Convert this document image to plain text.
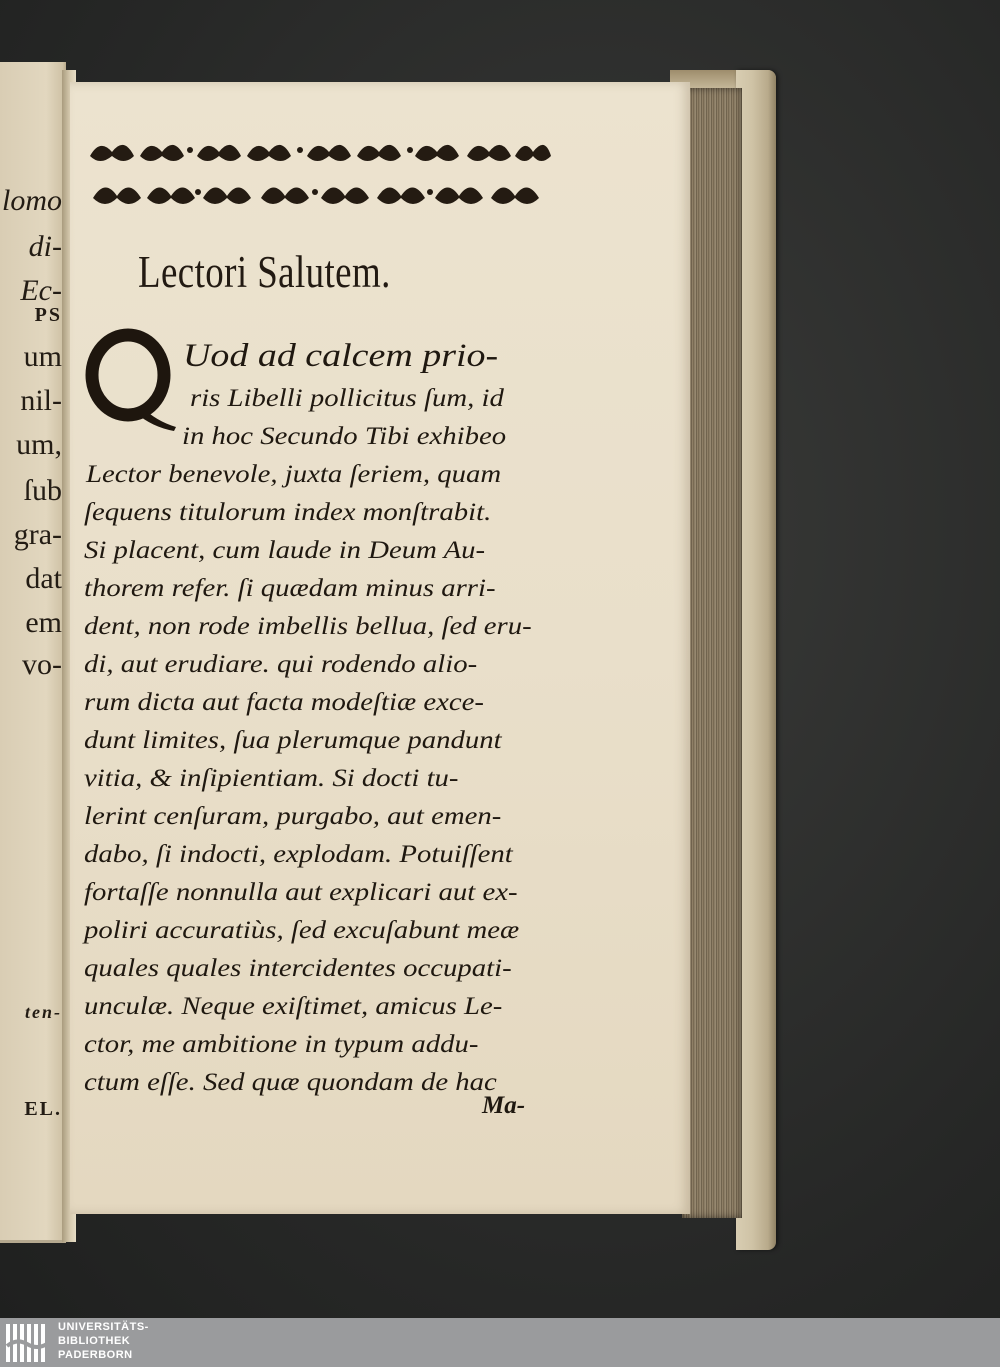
lomo
di-
Ec-
PS
um
nil-
um,
ſub
gra-
dat
em
vo-
ten-
EL.
Lectori Salutem.
Q
Uod ad calcem prio-
ris Libelli pollicitus ſum, id
in hoc Secundo Tibi exhibeo
Lector benevole, juxta ſeriem, quam
ſequens titulorum index monſtrabit.
Si placent, cum laude in Deum Au-
thorem refer. ſi quædam minus arri-
dent, non rode imbellis bellua, ſed eru-
di, aut erudiare. qui rodendo alio-
rum dicta aut facta modeſtiæ exce-
dunt limites, ſua plerumque pandunt
vitia, & inſipientiam. Si docti tu-
lerint cenſuram, purgabo, aut emen-
dabo, ſi indocti, explodam. Potuiſſent
fortaſſe nonnulla aut explicari aut ex-
poliri accuratiùs, ſed excuſabunt meæ
quales quales intercidentes occupati-
unculæ. Neque exiſtimet, amicus Le-
ctor, me ambitione in typum addu-
ctum eſſe. Sed quæ quondam de hac
Ma-
UNIVERSITÄTS-
BIBLIOTHEK
PADERBORN
